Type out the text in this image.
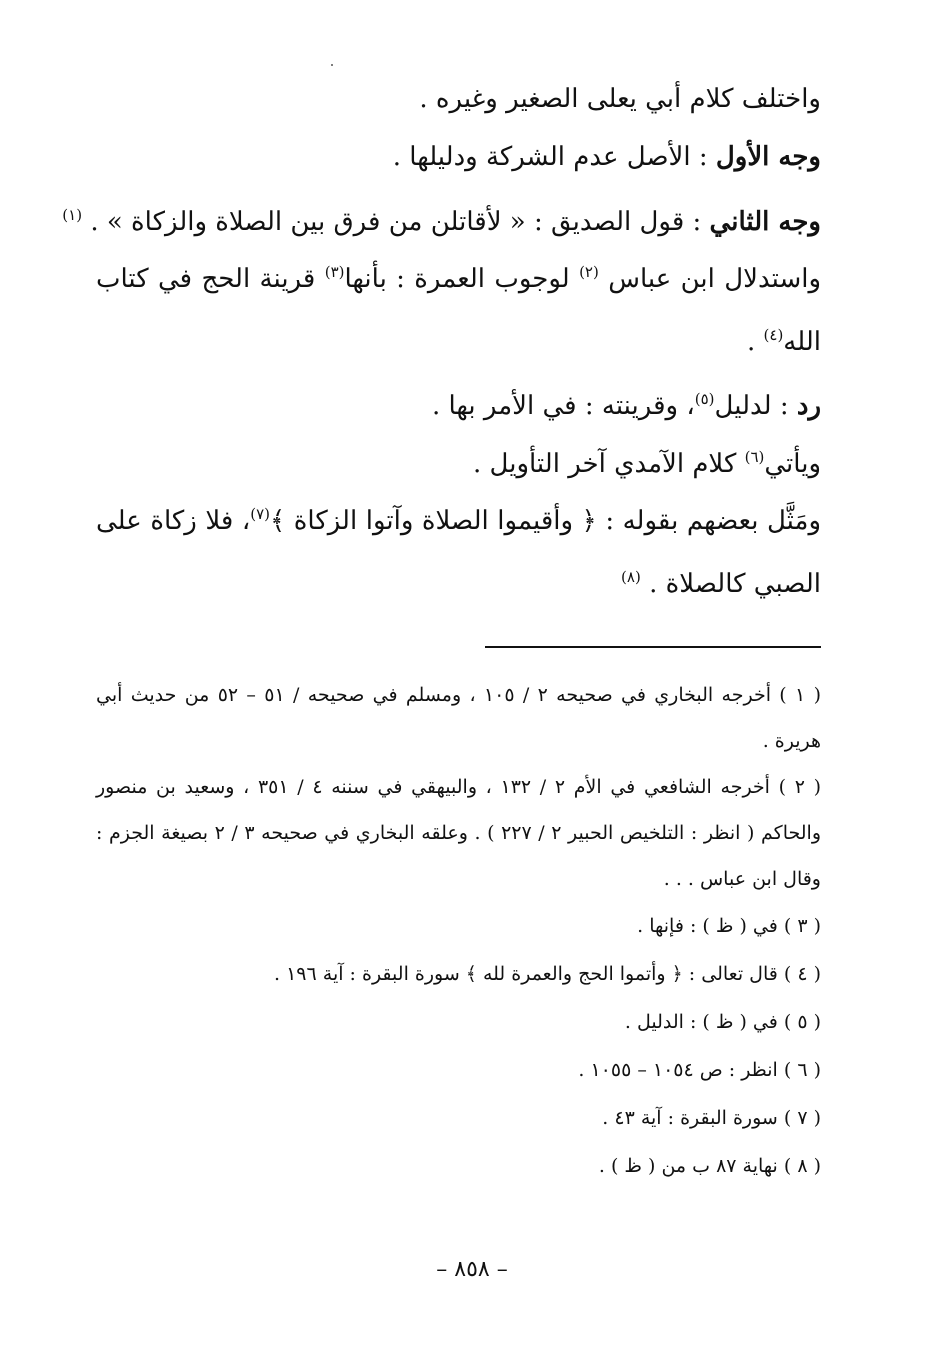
واختلف كلام أبي يعلى الصغير وغيره .

وجه الأول : الأصل عدم الشركة ودليلها .

وجه الثاني : قول الصديق : « لأقاتلن من فرق بين الصلاة والزكاة » . $^{(١)}$

واستدلال ابن عباس $^{(٢)}$ لوجوب العمرة : بأنها$^{(٣)}$ قرينة الحج في كتاب الله$^{(٤)}$ .

رد : لدليل$^{(٥)}$، وقرينته : في الأمر بها .

ويأتي$^{(٦)}$ كلام الآمدي آخر التأويل .

ومَثَّل بعضهم بقوله : ﴿ وأقيموا الصلاة وآتوا الزكاة ﴾$^{(٧)}$، فلا زكاة على الصبي كالصلاة . $^{(٨)}$

( ١ ) أخرجه البخاري في صحيحه ٢ / ١٠٥ ، ومسلم في صحيحه / ٥١ – ٥٢ من حديث أبي هريرة .

( ٢ ) أخرجه الشافعي في الأم ٢ / ١٣٢ ، والبيهقي في سننه ٤ / ٣٥١ ، وسعيد بن منصور والحاكم ( انظر : التلخيص الحبير ٢ / ٢٢٧ ) . وعلقه البخاري في صحيحه ٣ / ٢ بصيغة الجزم : وقال ابن عباس . . .

( ٣ ) في ( ظ ) : فإنها .

( ٤ ) قال تعالى : ﴿ وأتموا الحج والعمرة لله ﴾ سورة البقرة : آية ١٩٦ .

( ٥ ) في ( ظ ) : الدليل .

( ٦ ) انظر : ص ١٠٥٤ – ١٠٥٥ .

( ٧ ) سورة البقرة : آية ٤٣ .

( ٨ ) نهاية ٨٧ ب من ( ظ ) .

– ٨٥٨ –
